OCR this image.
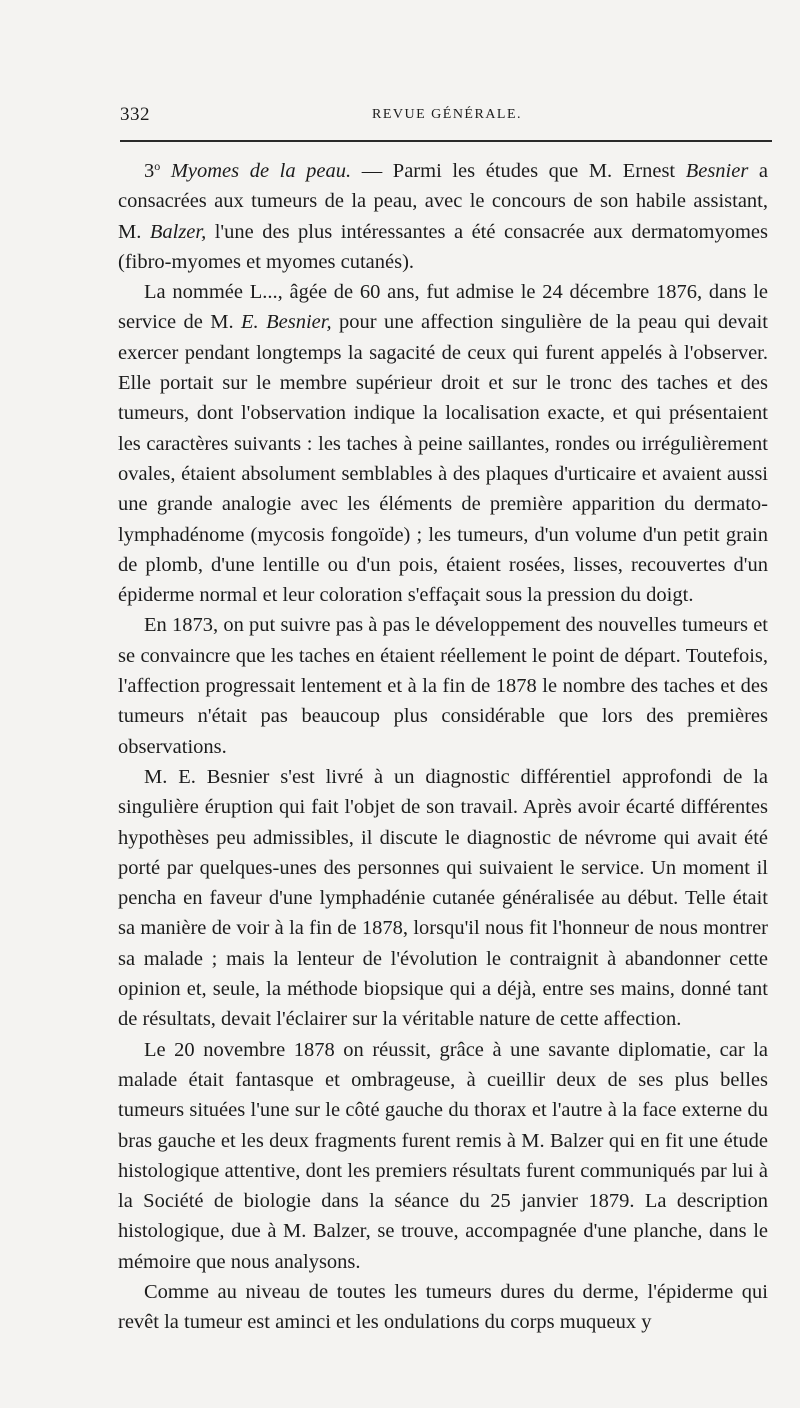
332	REVUE GÉNÉRALE.

3$^o$ Myomes de la peau. — Parmi les études que M. Ernest Besnier a consacrées aux tumeurs de la peau, avec le concours de son habile assistant, M. Balzer, l'une des plus intéressantes a été consacrée aux dermatomyomes (fibro-myomes et myomes cutanés).

La nommée L..., âgée de 60 ans, fut admise le 24 décembre 1876, dans le service de M. E. Besnier, pour une affection singulière de la peau qui devait exercer pendant longtemps la sagacité de ceux qui furent appelés à l'observer. Elle portait sur le membre supérieur droit et sur le tronc des taches et des tumeurs, dont l'observation indique la localisation exacte, et qui présentaient les caractères suivants : les taches à peine saillantes, rondes ou irrégulièrement ovales, étaient absolument semblables à des plaques d'urticaire et avaient aussi une grande analogie avec les éléments de première apparition du dermato-lymphadénome (mycosis fongoïde) ; les tumeurs, d'un volume d'un petit grain de plomb, d'une lentille ou d'un pois, étaient rosées, lisses, recouvertes d'un épiderme normal et leur coloration s'effaçait sous la pression du doigt.

En 1873, on put suivre pas à pas le développement des nouvelles tumeurs et se convaincre que les taches en étaient réellement le point de départ. Toutefois, l'affection progressait lentement et à la fin de 1878 le nombre des taches et des tumeurs n'était pas beaucoup plus considérable que lors des premières observations.

M. E. Besnier s'est livré à un diagnostic différentiel approfondi de la singulière éruption qui fait l'objet de son travail. Après avoir écarté différentes hypothèses peu admissibles, il discute le diagnostic de névrome qui avait été porté par quelques-unes des personnes qui suivaient le service. Un moment il pencha en faveur d'une lymphadénie cutanée généralisée au début. Telle était sa manière de voir à la fin de 1878, lorsqu'il nous fit l'honneur de nous montrer sa malade ; mais la lenteur de l'évolution le contraignit à abandonner cette opinion et, seule, la méthode biopsique qui a déjà, entre ses mains, donné tant de résultats, devait l'éclairer sur la véritable nature de cette affection.

Le 20 novembre 1878 on réussit, grâce à une savante diplomatie, car la malade était fantasque et ombrageuse, à cueillir deux de ses plus belles tumeurs situées l'une sur le côté gauche du thorax et l'autre à la face externe du bras gauche et les deux fragments furent remis à M. Balzer qui en fit une étude histologique attentive, dont les premiers résultats furent communiqués par lui à la Société de biologie dans la séance du 25 janvier 1879. La description histologique, due à M. Balzer, se trouve, accompagnée d'une planche, dans le mémoire que nous analysons.

Comme au niveau de toutes les tumeurs dures du derme, l'épiderme qui revêt la tumeur est aminci et les ondulations du corps muqueux y
